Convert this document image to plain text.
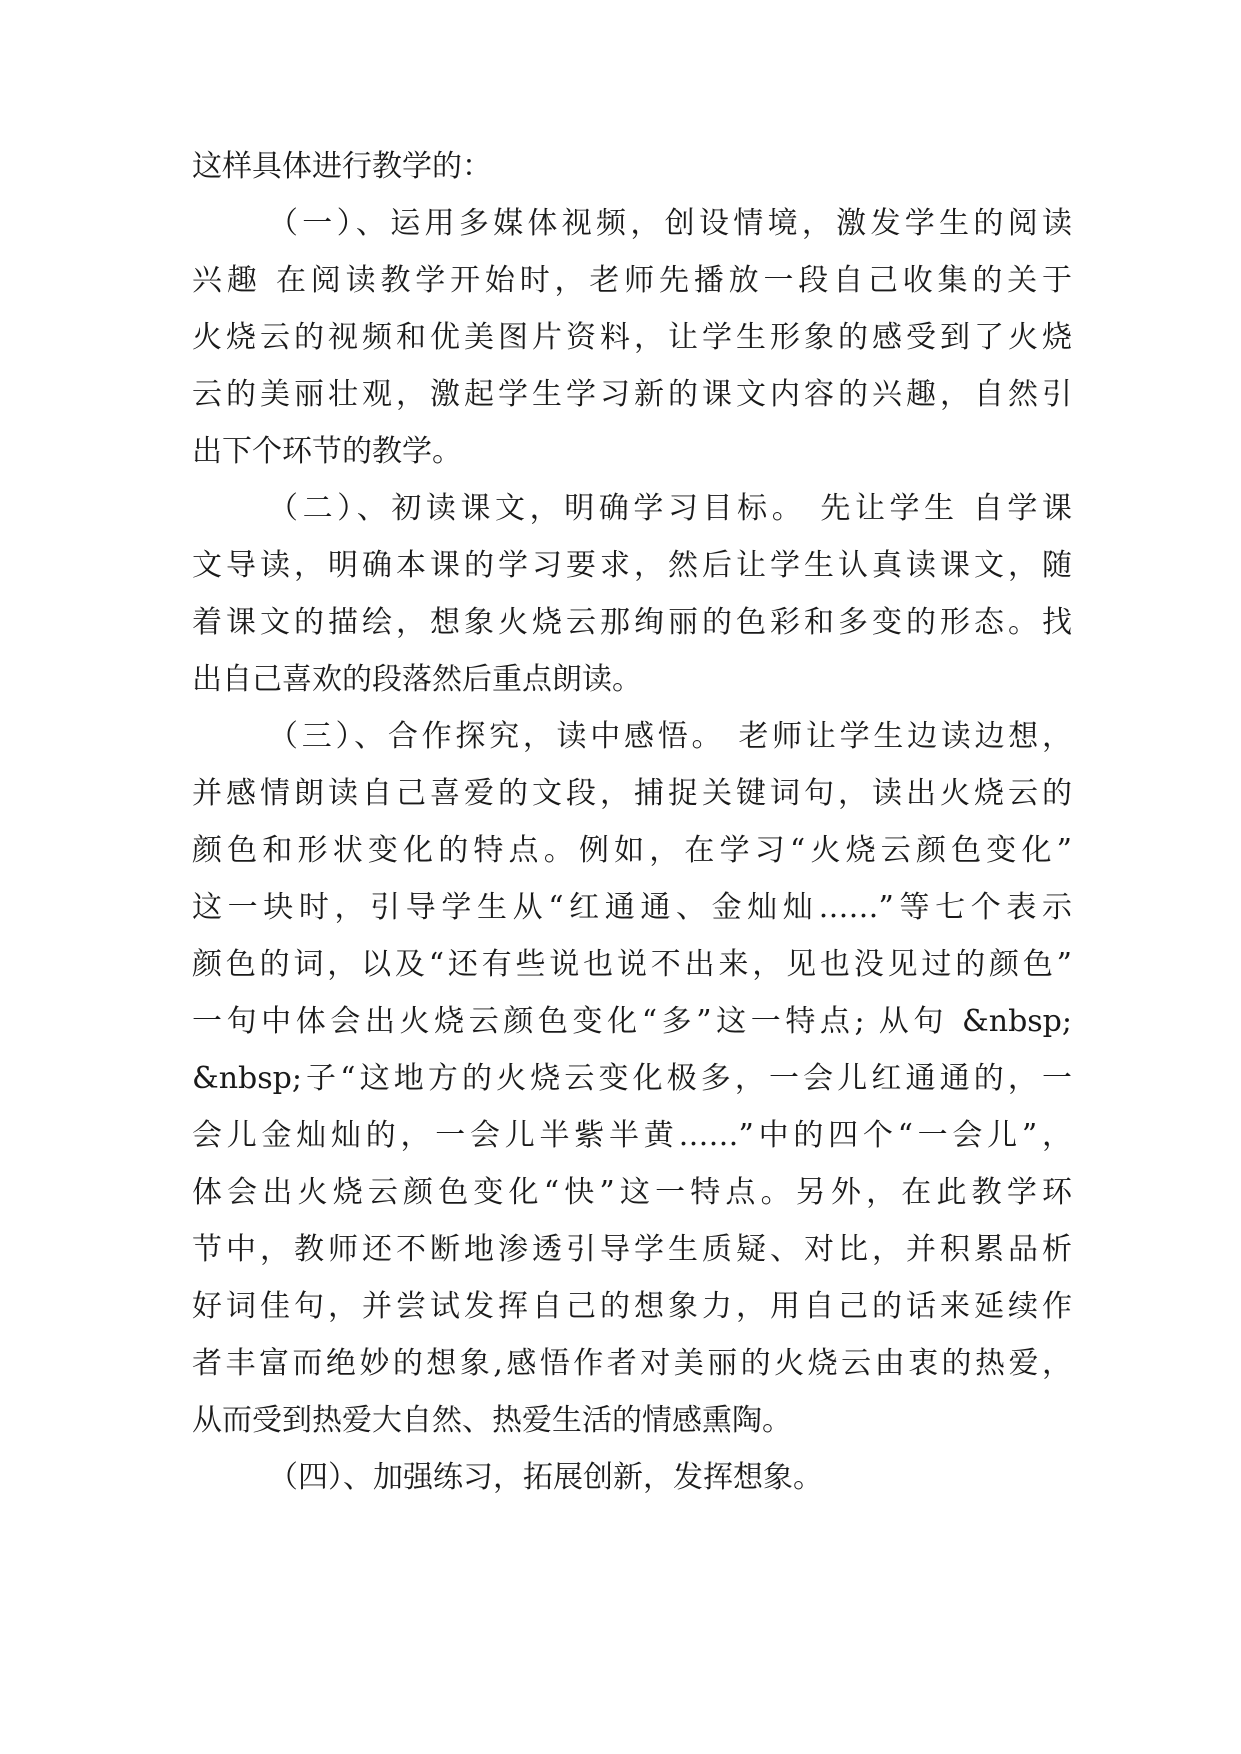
这样具体进行教学的：
（一）、运用多媒体视频，创设情境，激发学生的阅读
兴趣 在阅读教学开始时，老师先播放一段自己收集的关于
火烧云的视频和优美图片资料，让学生形象的感受到了火烧
云的美丽壮观，激起学生学习新的课文内容的兴趣，自然引
出下个环节的教学。
（二）、初读课文，明确学习目标。 先让学生 自学课
文导读，明确本课的学习要求，然后让学生认真读课文，随
着课文的描绘，想象火烧云那绚丽的色彩和多变的形态。找
出自己喜欢的段落然后重点朗读。
（三）、合作探究，读中感悟。 老师让学生边读边想，
并感情朗读自己喜爱的文段，捕捉关键词句，读出火烧云的
颜色和形状变化的特点。例如，在学习“火烧云颜色变化”
这一块时，引导学生从“红通通、金灿灿……”等七个表示
颜色的词，以及“还有些说也说不出来，见也没见过的颜色”
一句中体会出火烧云颜色变化“多”这一特点; 从句 &nbsp;
&nbsp;子“这地方的火烧云变化极多，一会儿红通通的，一
会儿金灿灿的，一会儿半紫半黄……”中的四个“一会儿”，
体会出火烧云颜色变化“快”这一特点。另外，在此教学环
节中，教师还不断地渗透引导学生质疑、对比，并积累品析
好词佳句，并尝试发挥自己的想象力，用自己的话来延续作
者丰富而绝妙的想象,感悟作者对美丽的火烧云由衷的热爱，
从而受到热爱大自然、热爱生活的情感熏陶。
（四）、加强练习，拓展创新，发挥想象。
